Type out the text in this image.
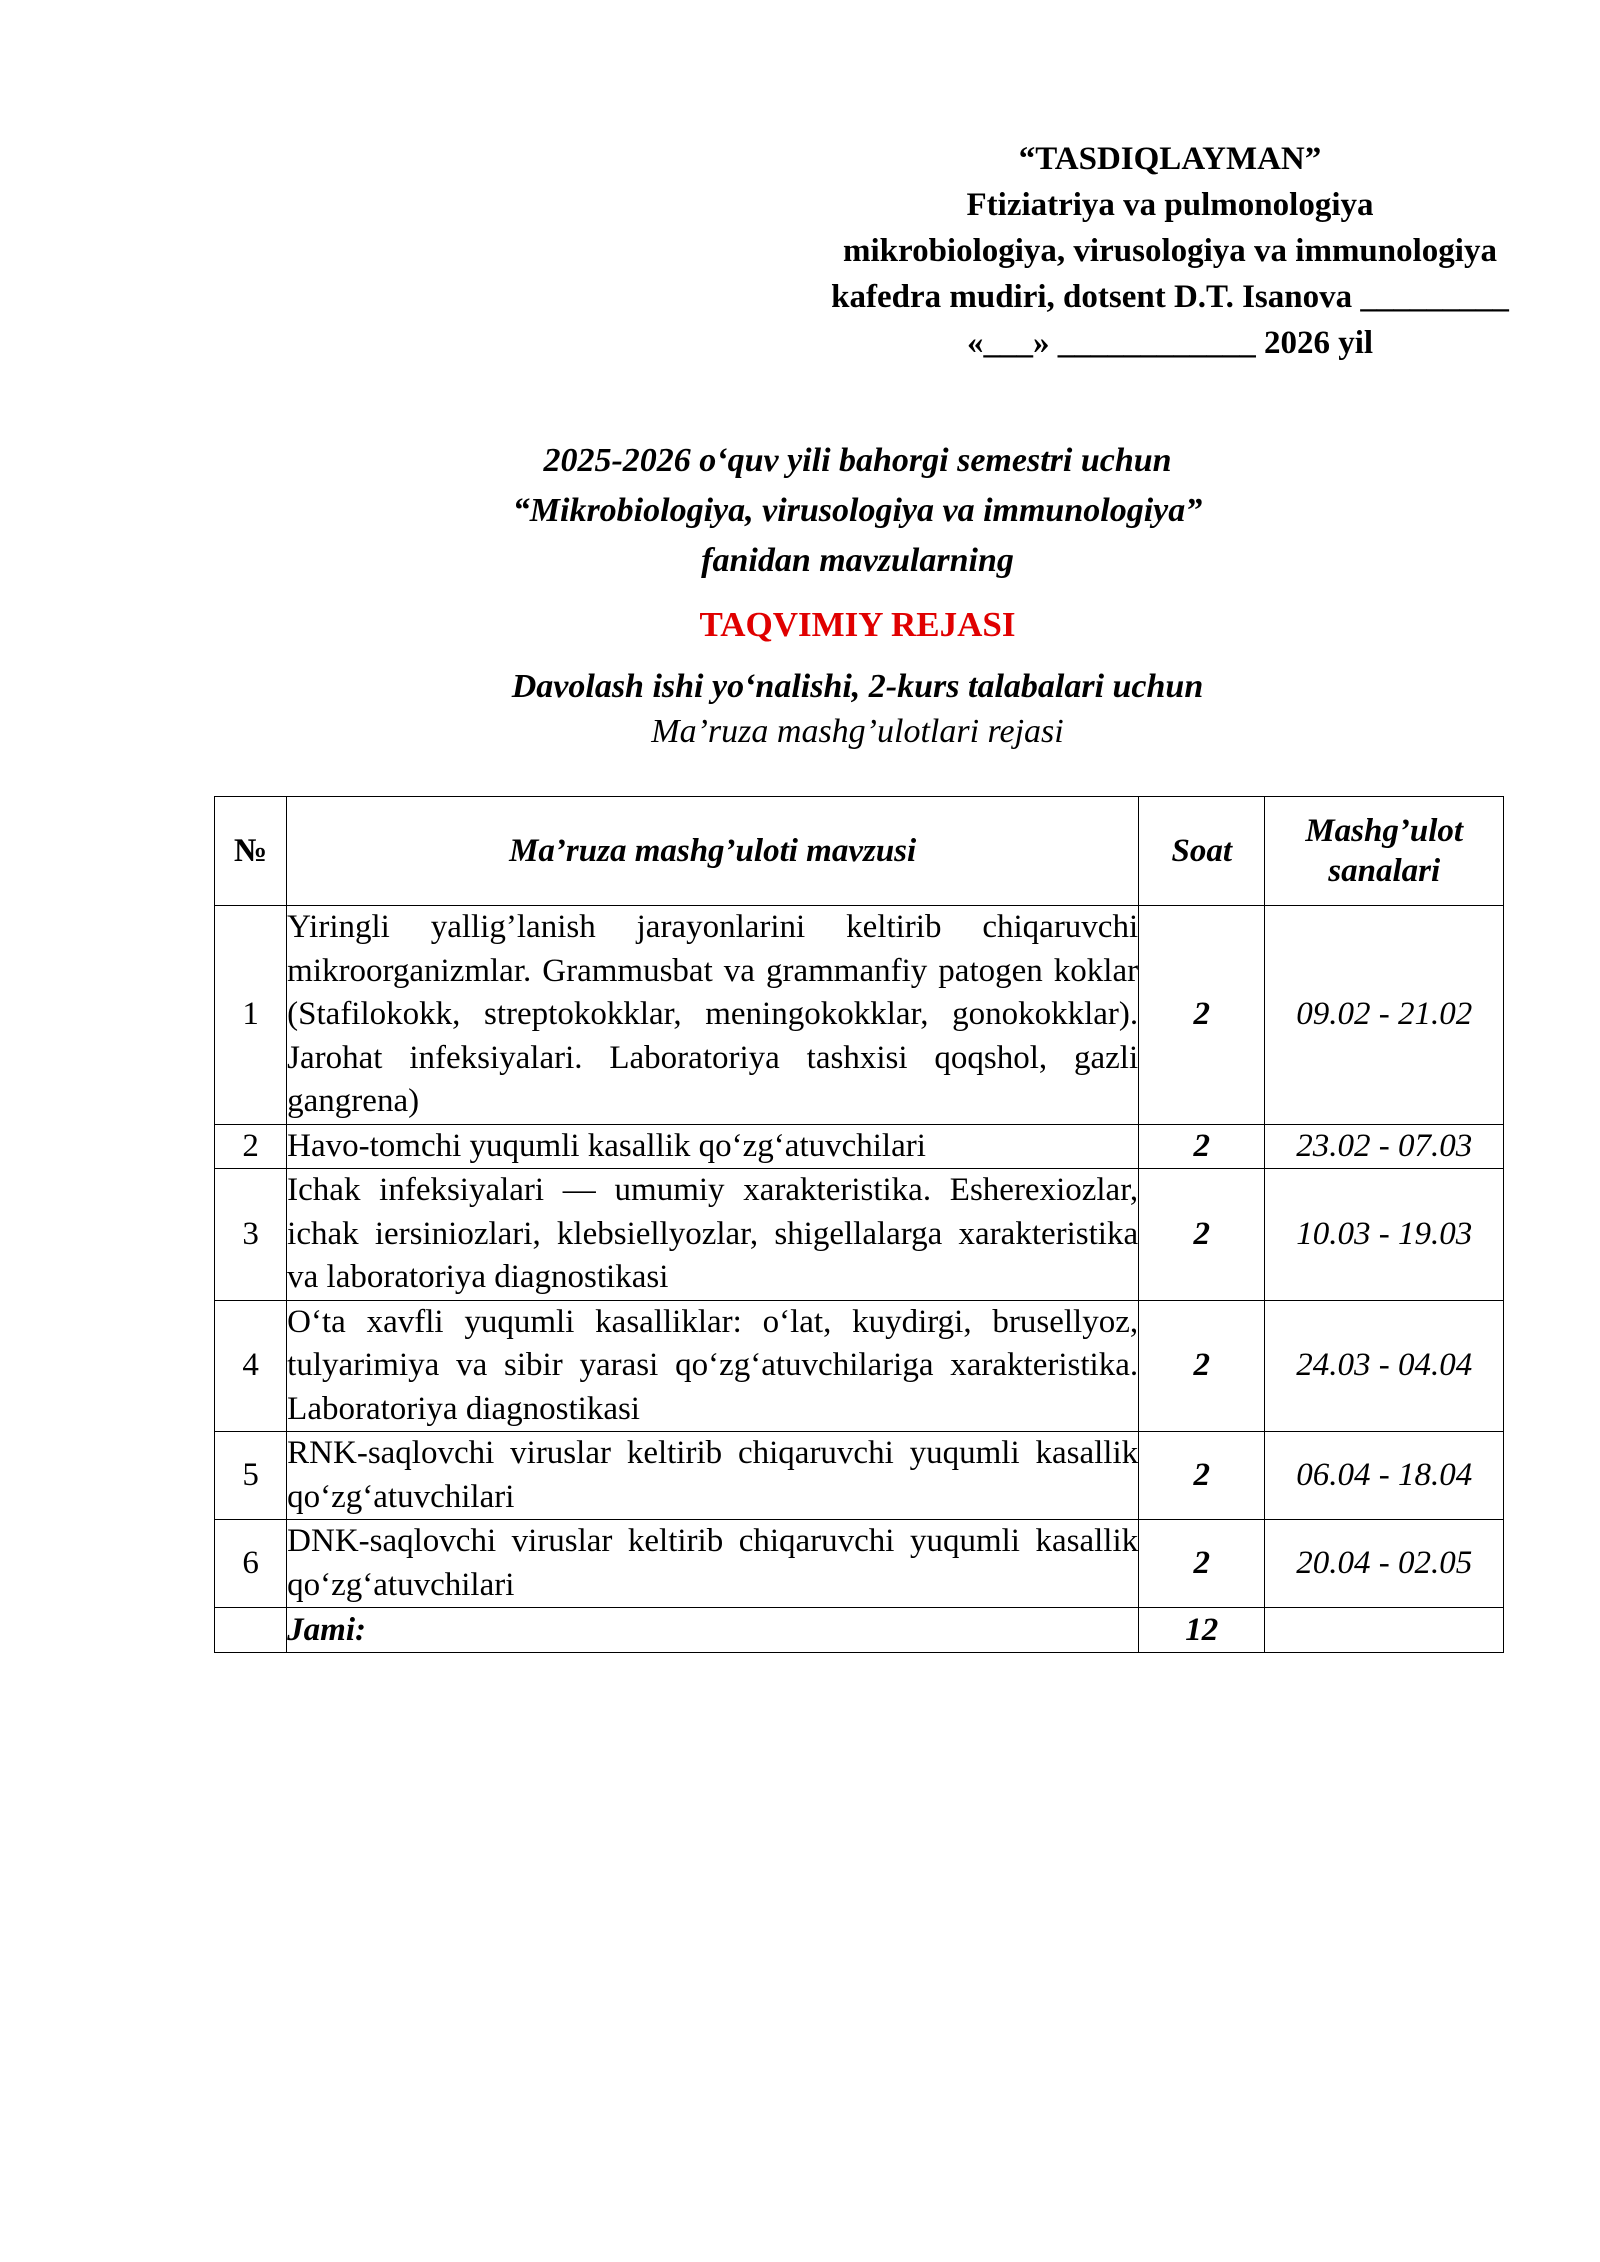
“TASDIQLAYMAN”
Ftiziatriya va pulmonologiya
mikrobiologiya, virusologiya va immunologiya
kafedra mudiri, dotsent D.T. Isanova _________
«___» ____________ 2026 yil
2025-2026 o‘quv yili bahorgi semestri uchun
“Mikrobiologiya, virusologiya va immunologiya”
fanidan mavzularning
TAQVIMIY REJASI
Davolash ishi yo‘nalishi, 2-kurs talabalari uchun
Ma’ruza mashg’ulotlari rejasi
№	Ma’ruza mashg’uloti mavzusi	Soat	Mashg’ulot sanalari
1	Yiringli yallig’lanish jarayonlarini keltirib chiqaruvchi mikroorganizmlar. Grammusbat va grammanfiy patogen koklar (Stafilokokk, streptokokklar, meningokokklar, gonokokklar). Jarohat infeksiyalari. Laboratoriya tashxisi qoqshol, gazli gangrena)	2	09.02 - 21.02
2	Havo-tomchi yuqumli kasallik qo‘zg‘atuvchilari	2	23.02 - 07.03
3	Ichak infeksiyalari — umumiy xarakteristika. Esherexiozlar, ichak iersiniozlari, klebsiellyozlar, shigellalarga xarakteristika va laboratoriya diagnostikasi	2	10.03 - 19.03
4	O‘ta xavfli yuqumli kasalliklar: o‘lat, kuydirgi, brusellyoz, tulyarimiya va sibir yarasi qo‘zg‘atuvchilariga xarakteristika. Laboratoriya diagnostikasi	2	24.03 - 04.04
5	RNK-saqlovchi viruslar keltirib chiqaruvchi yuqumli kasallik qo‘zg‘atuvchilari	2	06.04 - 18.04
6	DNK-saqlovchi viruslar keltirib chiqaruvchi yuqumli kasallik qo‘zg‘atuvchilari	2	20.04 - 02.05
	Jami:	12	
